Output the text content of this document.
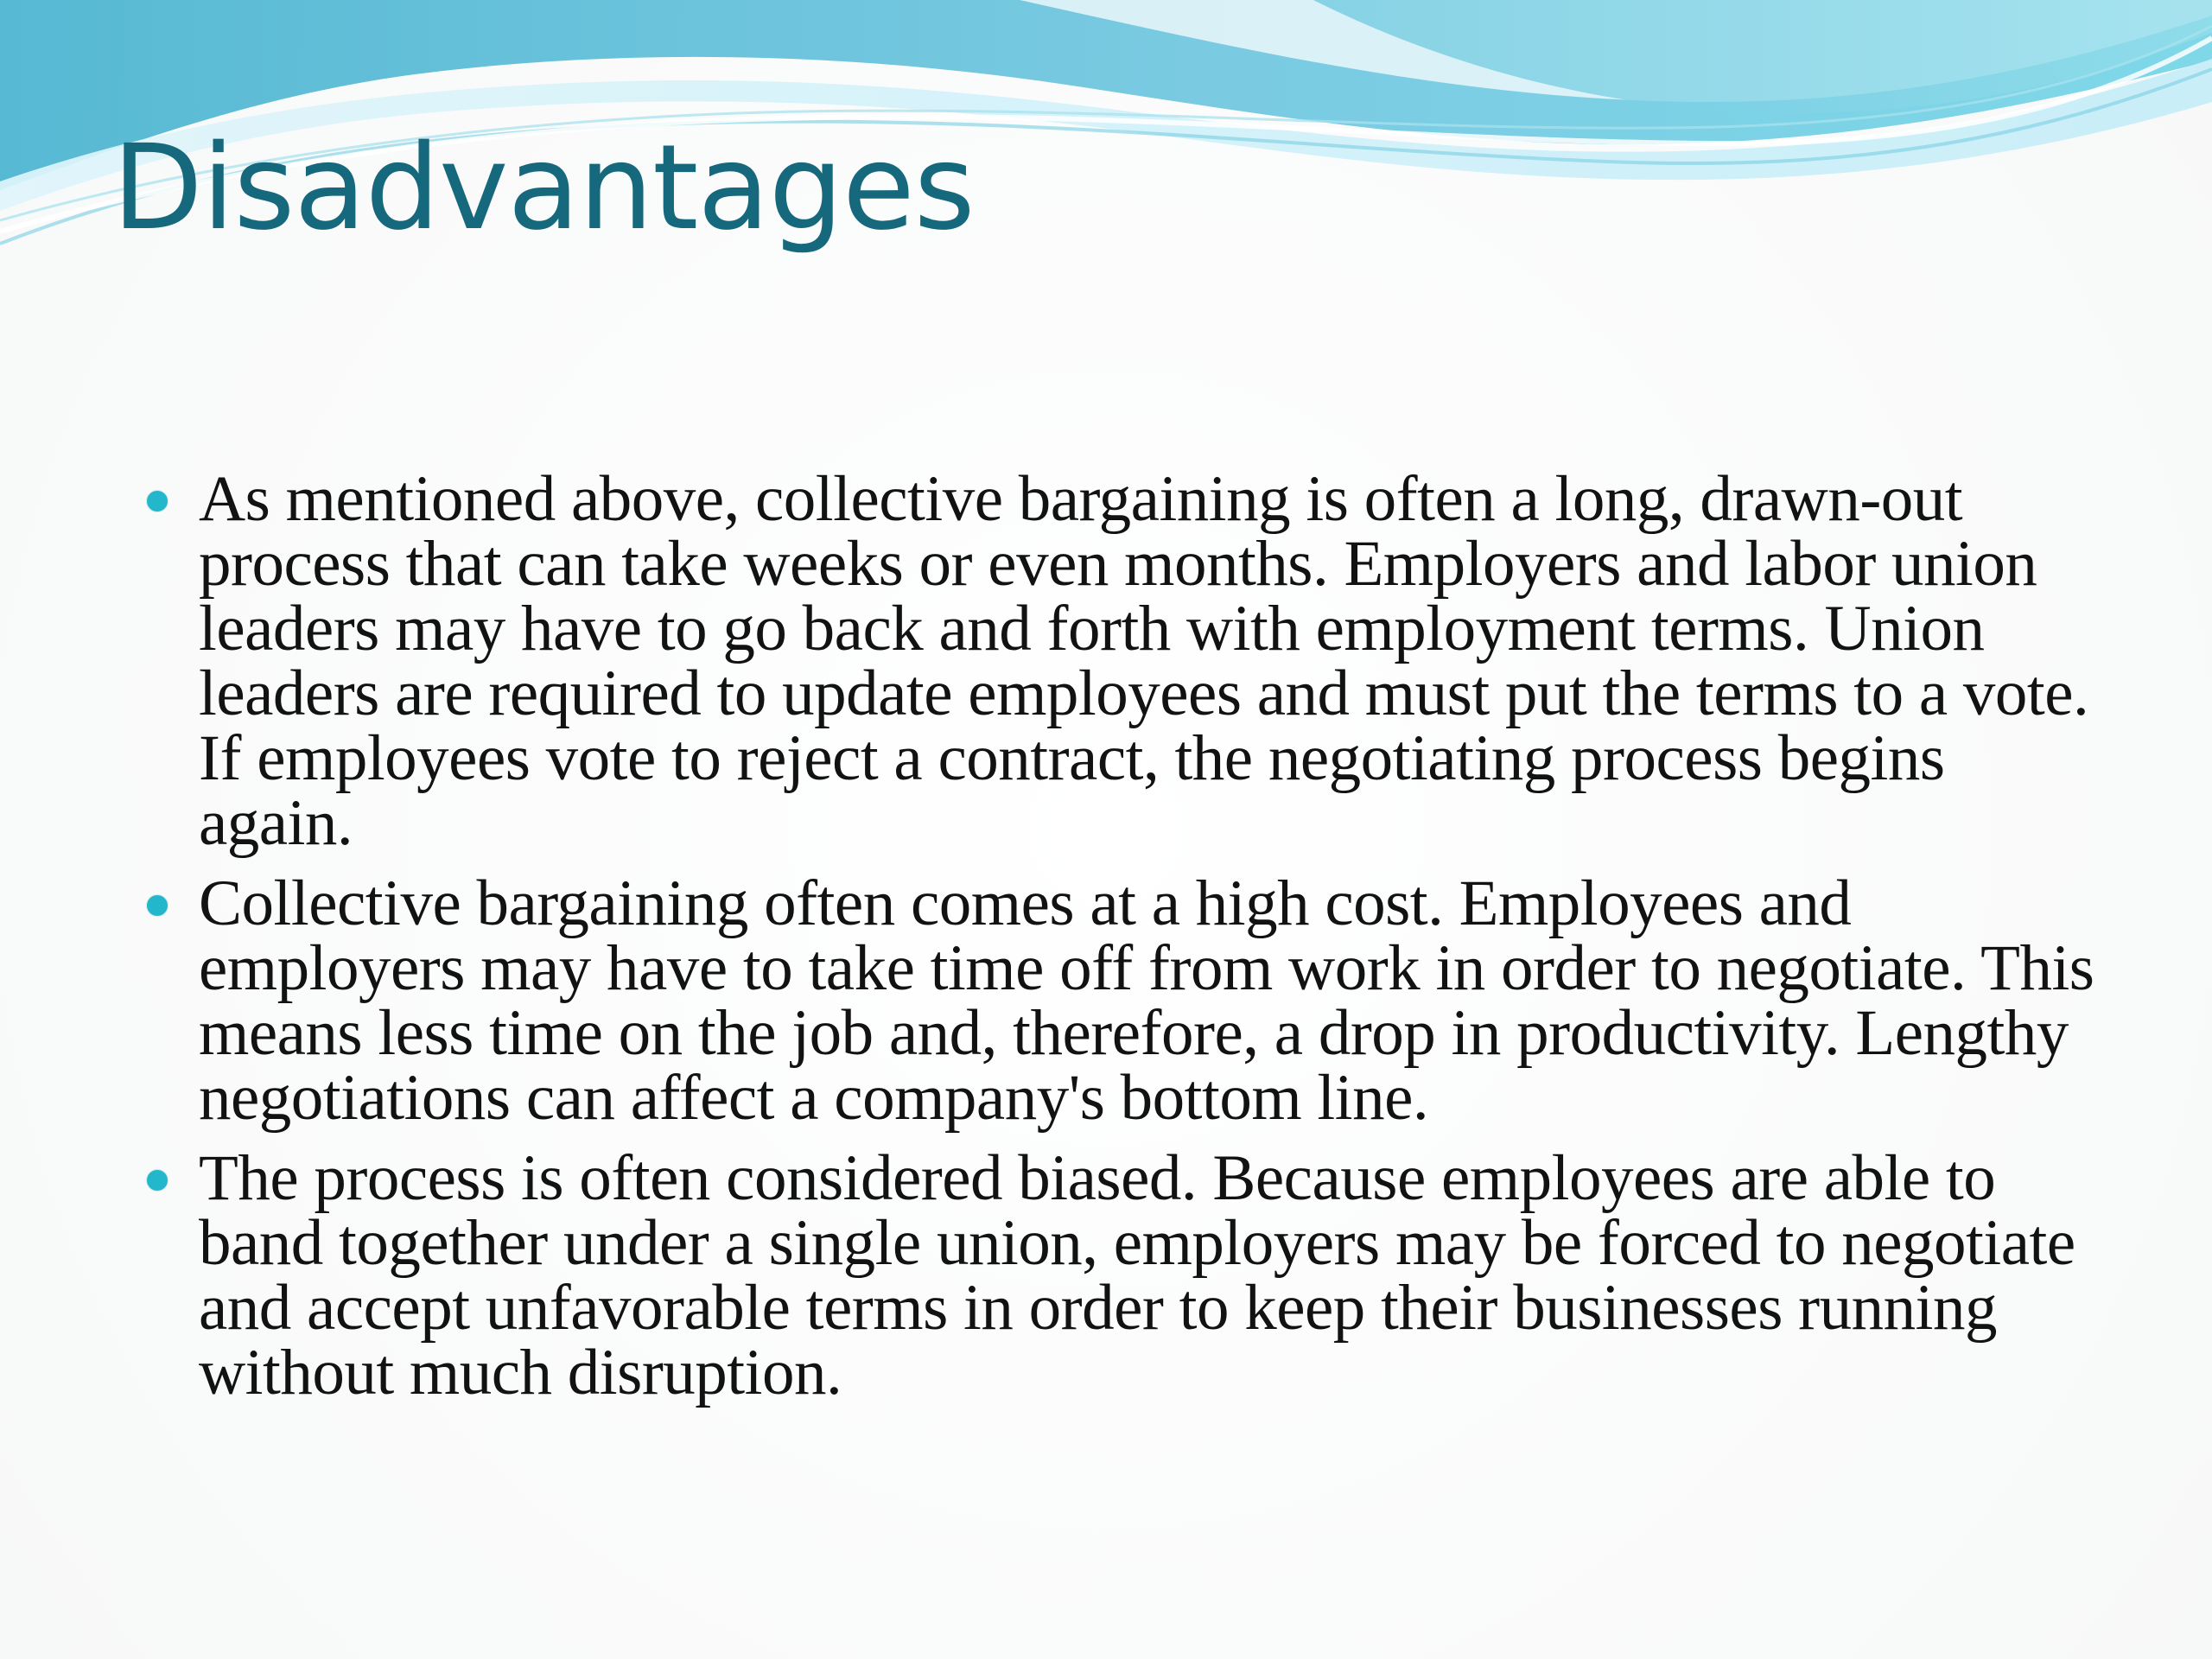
Disadvantages
As mentioned above, collective bargaining is often a long, drawn-out process that can take weeks or even months. Employers and labor union leaders may have to go back and forth with employment terms. Union leaders are required to update employees and must put the terms to a vote. If employees vote to reject a contract, the negotiating process begins again.
Collective bargaining often comes at a high cost. Employees and employers may have to take time off from work in order to negotiate. This means less time on the job and, therefore, a drop in productivity. Lengthy negotiations can affect a company's bottom line.
The process is often considered biased. Because employees are able to band together under a single union, employers may be forced to negotiate and accept unfavorable terms in order to keep their businesses running without much disruption.
